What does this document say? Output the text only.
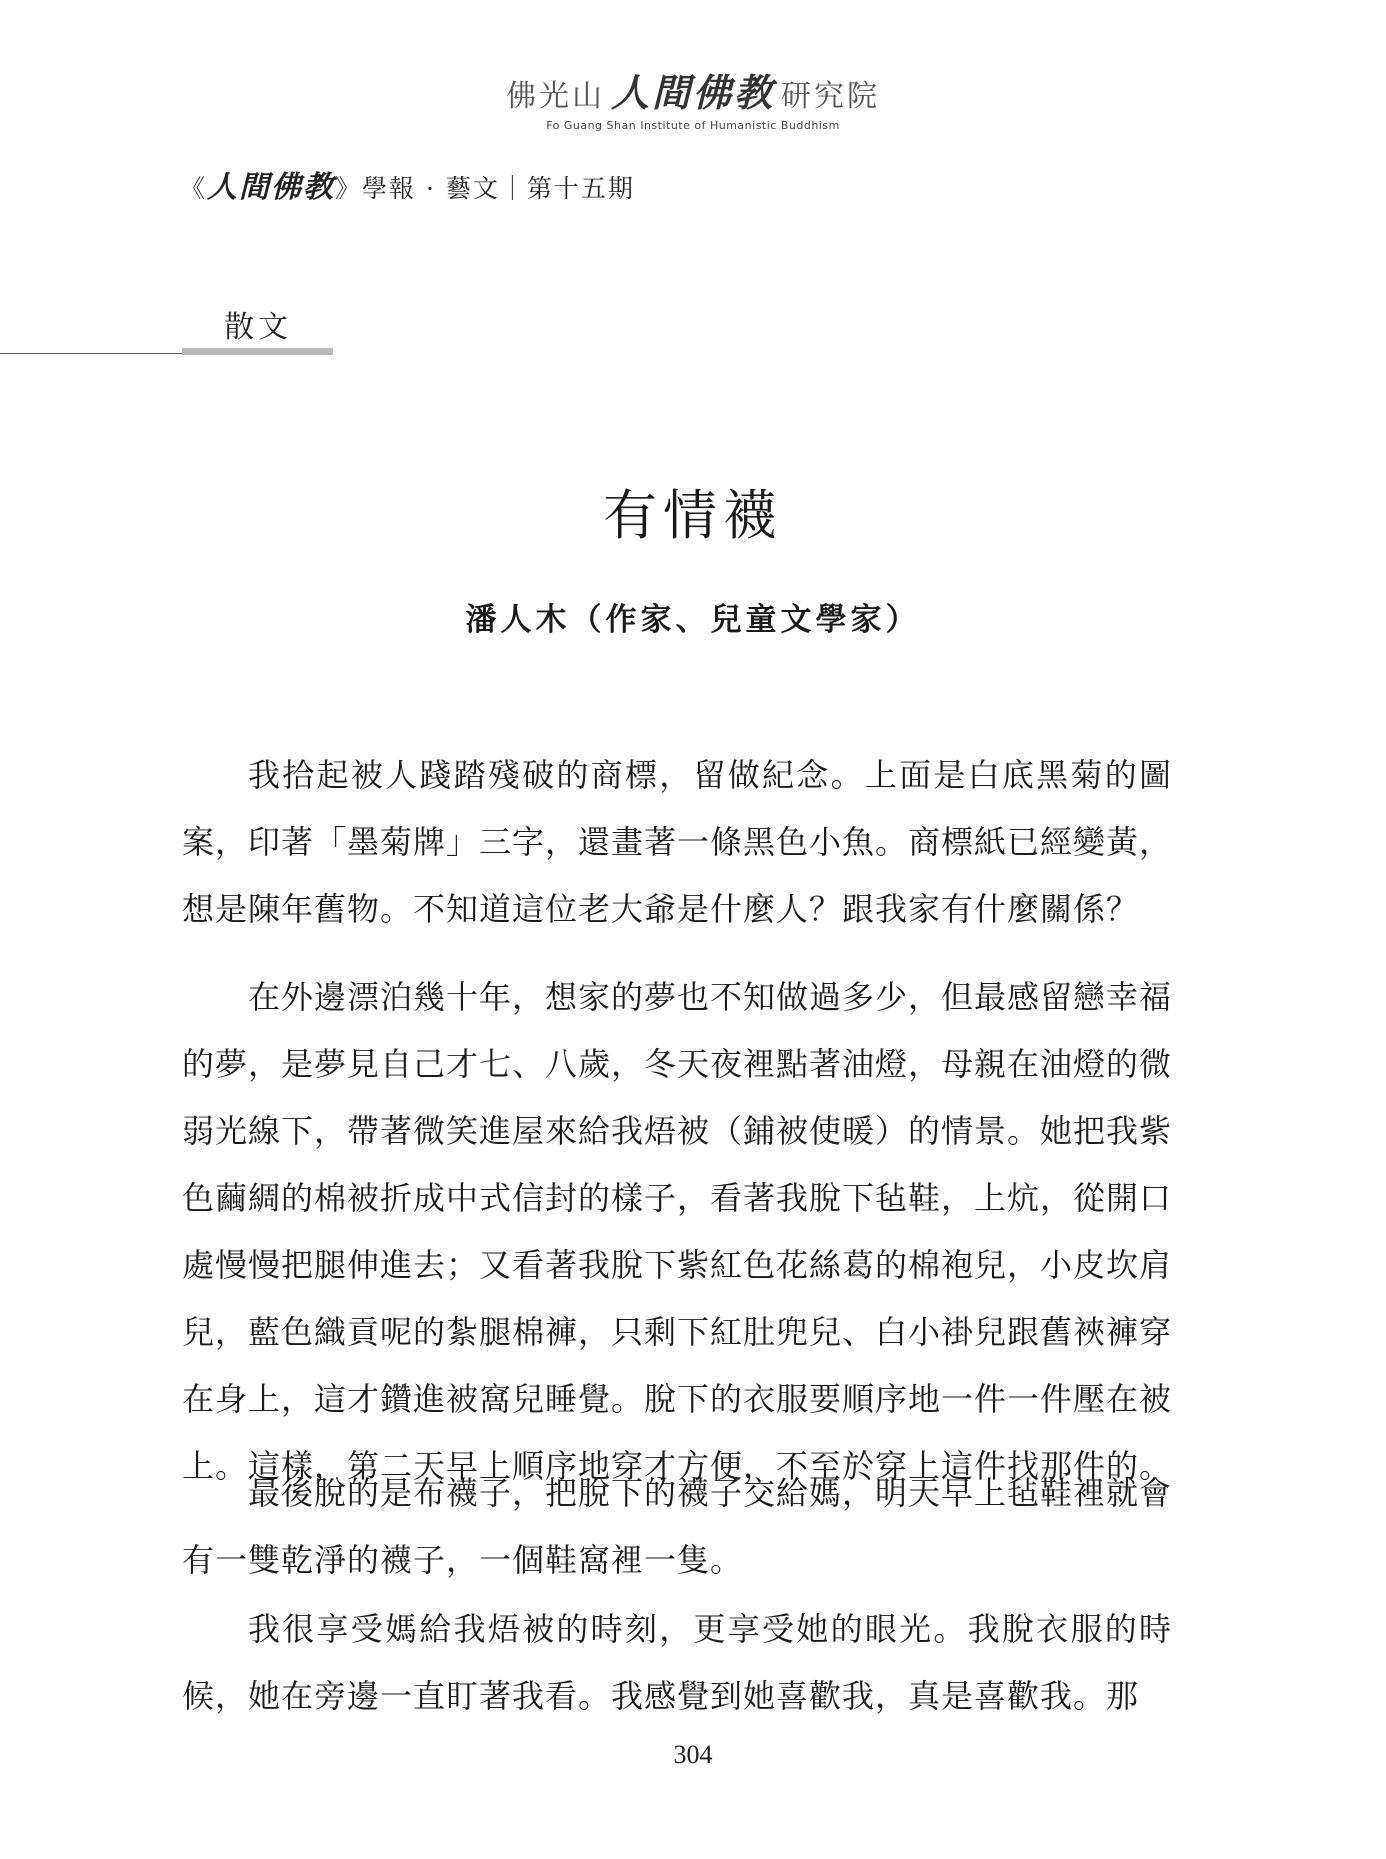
佛光山 人間佛教 研究院
Fo Guang Shan Institute of Humanistic Buddhism
《人間佛教》學報 · 藝文｜第十五期
散文
有情襪
潘人木（作家、兒童文學家）

我拾起被人踐踏殘破的商標，留做紀念。上面是白底黑菊的圖案，印著「墨菊牌」三字，還畫著一條黑色小魚。商標紙已經變黃，想是陳年舊物。不知道這位老大爺是什麼人？跟我家有什麼關係？

在外邊漂泊幾十年，想家的夢也不知做過多少，但最感留戀幸福的夢，是夢見自己才七、八歲，冬天夜裡點著油燈，母親在油燈的微弱光線下，帶著微笑進屋來給我焐被（鋪被使暖）的情景。她把我紫色繭綢的棉被折成中式信封的樣子，看著我脫下毡鞋，上炕，從開口處慢慢把腿伸進去；又看著我脫下紫紅色花絲葛的棉袍兒，小皮坎肩兒，藍色織貢呢的紮腿棉褲，只剩下紅肚兜兒、白小褂兒跟舊裌褲穿在身上，這才鑽進被窩兒睡覺。脫下的衣服要順序地一件一件壓在被上。這樣，第二天早上順序地穿才方便，不至於穿上這件找那件的。

最後脫的是布襪子，把脫下的襪子交給媽，明天早上毡鞋裡就會有一雙乾淨的襪子，一個鞋窩裡一隻。

我很享受媽給我焐被的時刻，更享受她的眼光。我脫衣服的時候，她在旁邊一直盯著我看。我感覺到她喜歡我，真是喜歡我。那

304
